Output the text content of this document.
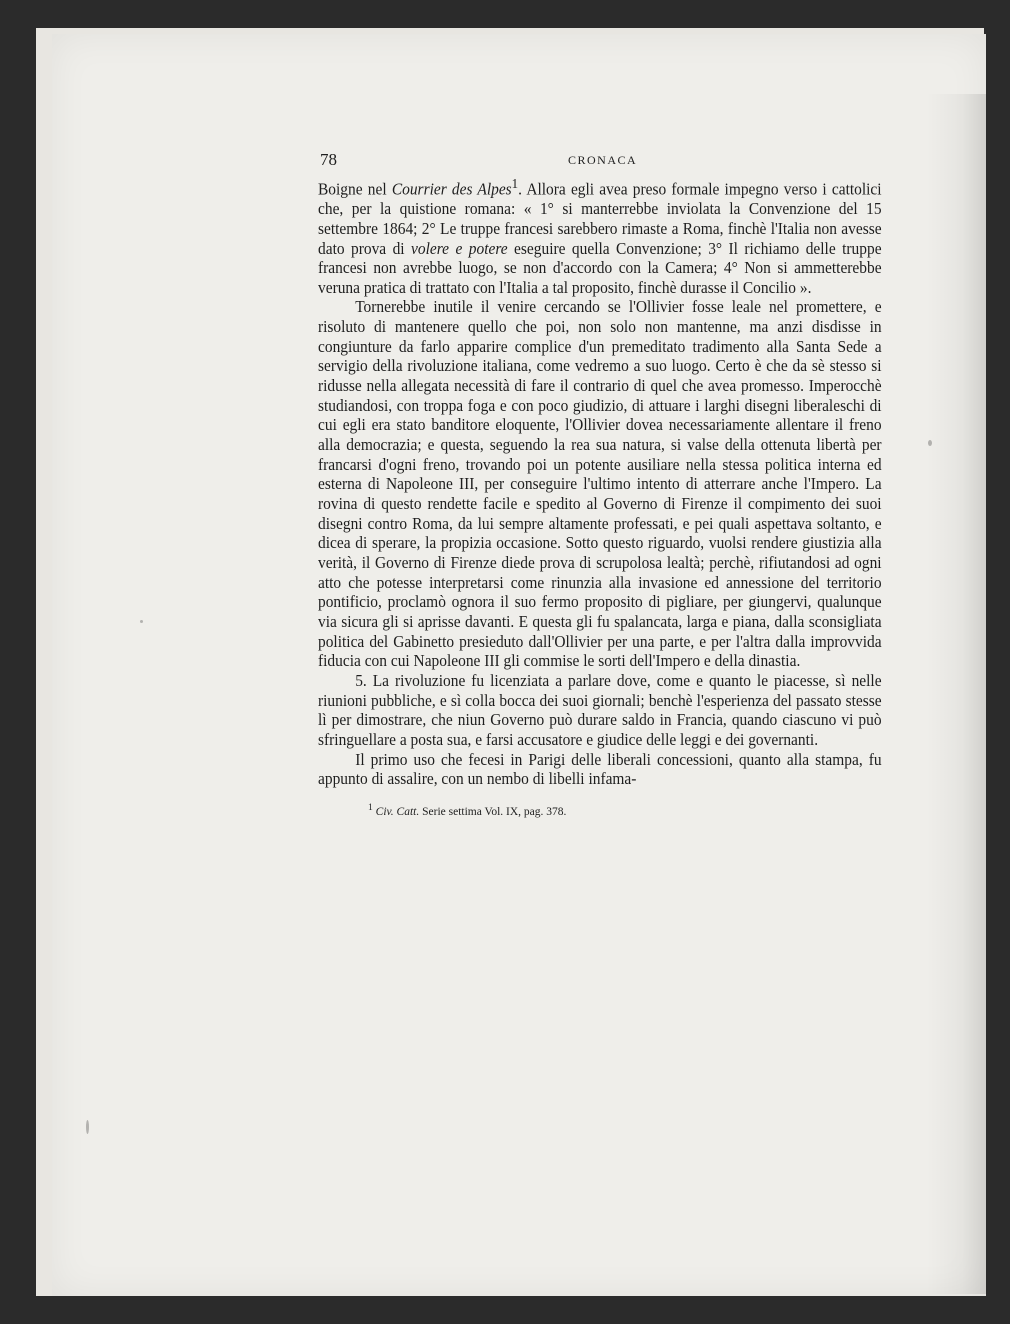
78	CRONACA

Boigne nel Courrier des Alpes$^1$. Allora egli avea preso formale impegno verso i cattolici che, per la quistione romana: « 1° si manterrebbe inviolata la Convenzione del 15 settembre 1864; 2° Le truppe francesi sarebbero rimaste a Roma, finchè l'Italia non avesse dato prova di volere e potere eseguire quella Convenzione; 3° Il richiamo delle truppe francesi non avrebbe luogo, se non d'accordo con la Camera; 4° Non si ammetterebbe veruna pratica di trattato con l'Italia a tal proposito, finchè durasse il Concilio ».

Tornerebbe inutile il venire cercando se l'Ollivier fosse leale nel promettere, e risoluto di mantenere quello che poi, non solo non mantenne, ma anzi disdisse in congiunture da farlo apparire complice d'un premeditato tradimento alla Santa Sede a servigio della rivoluzione italiana, come vedremo a suo luogo. Certo è che da sè stesso si ridusse nella allegata necessità di fare il contrario di quel che avea promesso. Imperocchè studiandosi, con troppa foga e con poco giudizio, di attuare i larghi disegni liberaleschi di cui egli era stato banditore eloquente, l'Ollivier dovea necessariamente allentare il freno alla democrazia; e questa, seguendo la rea sua natura, si valse della ottenuta libertà per francarsi d'ogni freno, trovando poi un potente ausiliare nella stessa politica interna ed esterna di Napoleone III, per conseguire l'ultimo intento di atterrare anche l'Impero. La rovina di questo rendette facile e spedito al Governo di Firenze il compimento dei suoi disegni contro Roma, da lui sempre altamente professati, e pei quali aspettava soltanto, e dicea di sperare, la propizia occasione. Sotto questo riguardo, vuolsi rendere giustizia alla verità, il Governo di Firenze diede prova di scrupolosa lealtà; perchè, rifiutandosi ad ogni atto che potesse interpretarsi come rinunzia alla invasione ed annessione del territorio pontificio, proclamò ognora il suo fermo proposito di pigliare, per giungervi, qualunque via sicura gli si aprisse davanti. E questa gli fu spalancata, larga e piana, dalla sconsigliata politica del Gabinetto presieduto dall'Ollivier per una parte, e per l'altra dalla improvvida fiducia con cui Napoleone III gli commise le sorti dell'Impero e della dinastia.

5. La rivoluzione fu licenziata a parlare dove, come e quanto le piacesse, sì nelle riunioni pubbliche, e sì colla bocca dei suoi giornali; benchè l'esperienza del passato stesse lì per dimostrare, che niun Governo può durare saldo in Francia, quando ciascuno vi può sfringuellare a posta sua, e farsi accusatore e giudice delle leggi e dei governanti.

Il primo uso che fecesi in Parigi delle liberali concessioni, quanto alla stampa, fu appunto di assalire, con un nembo di libelli infama-

$^1$ Civ. Catt. Serie settima Vol. IX, pag. 378.
